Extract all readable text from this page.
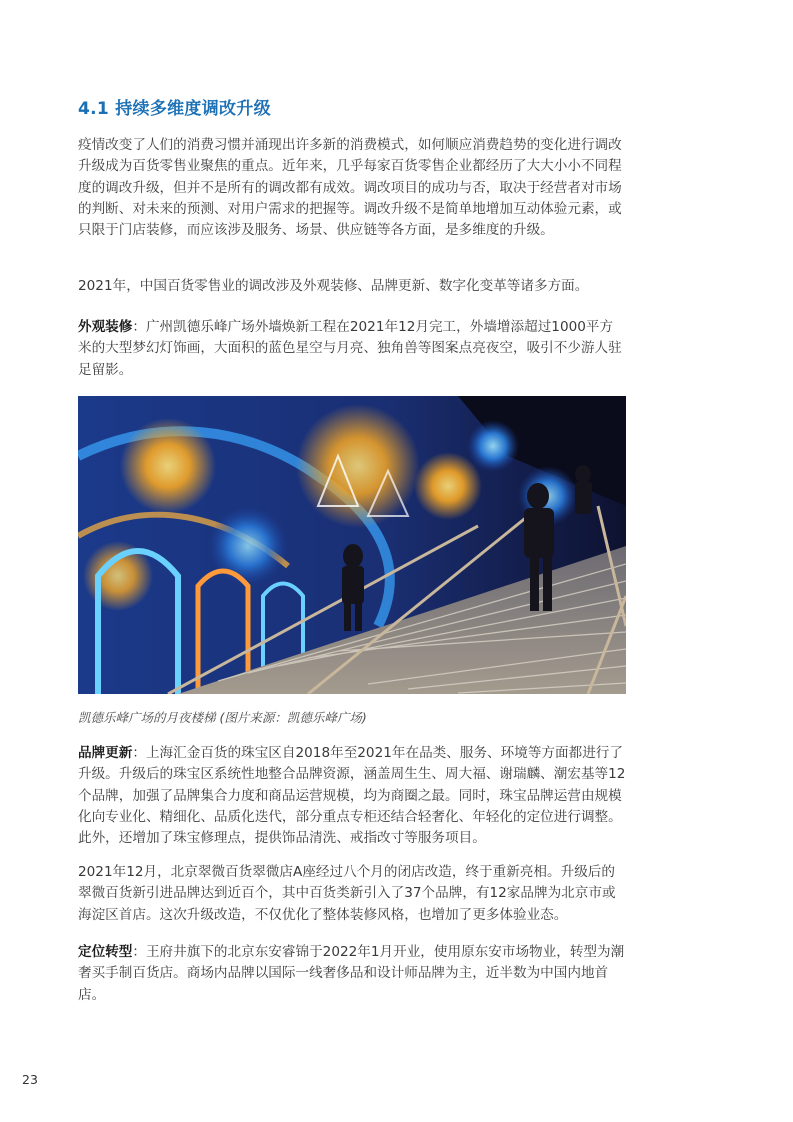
4.1 持续多维度调改升级

疫情改变了人们的消费习惯并涌现出许多新的消费模式，如何顺应消费趋势的变化进行调改升级成为百货零售业聚焦的重点。近年来，几乎每家百货零售企业都经历了大大小小不同程度的调改升级，但并不是所有的调改都有成效。调改项目的成功与否，取决于经营者对市场的判断、对未来的预测、对用户需求的把握等。调改升级不是简单地增加互动体验元素，或只限于门店装修，而应该涉及服务、场景、供应链等各方面，是多维度的升级。

2021年，中国百货零售业的调改涉及外观装修、品牌更新、数字化变革等诸多方面。

外观装修：广州凯德乐峰广场外墙焕新工程在2021年12月完工，外墙增添超过1000平方米的大型梦幻灯饰画，大面积的蓝色星空与月亮、独角兽等图案点亮夜空，吸引不少游人驻足留影。

凯德乐峰广场的月夜楼梯 (图片来源：凯德乐峰广场)

品牌更新：上海汇金百货的珠宝区自2018年至2021年在品类、服务、环境等方面都进行了升级。升级后的珠宝区系统性地整合品牌资源，涵盖周生生、周大福、谢瑞麟、潮宏基等12个品牌，加强了品牌集合力度和商品运营规模，均为商圈之最。同时，珠宝品牌运营由规模化向专业化、精细化、品质化迭代，部分重点专柜还结合轻奢化、年轻化的定位进行调整。此外，还增加了珠宝修理点，提供饰品清洗、戒指改寸等服务项目。

2021年12月，北京翠微百货翠微店A座经过八个月的闭店改造，终于重新亮相。升级后的翠微百货新引进品牌达到近百个，其中百货类新引入了37个品牌，有12家品牌为北京市或海淀区首店。这次升级改造，不仅优化了整体装修风格，也增加了更多体验业态。

定位转型：王府井旗下的北京东安睿锦于2022年1月开业，使用原东安市场物业，转型为潮奢买手制百货店。商场内品牌以国际一线奢侈品和设计师品牌为主，近半数为中国内地首店。

23
